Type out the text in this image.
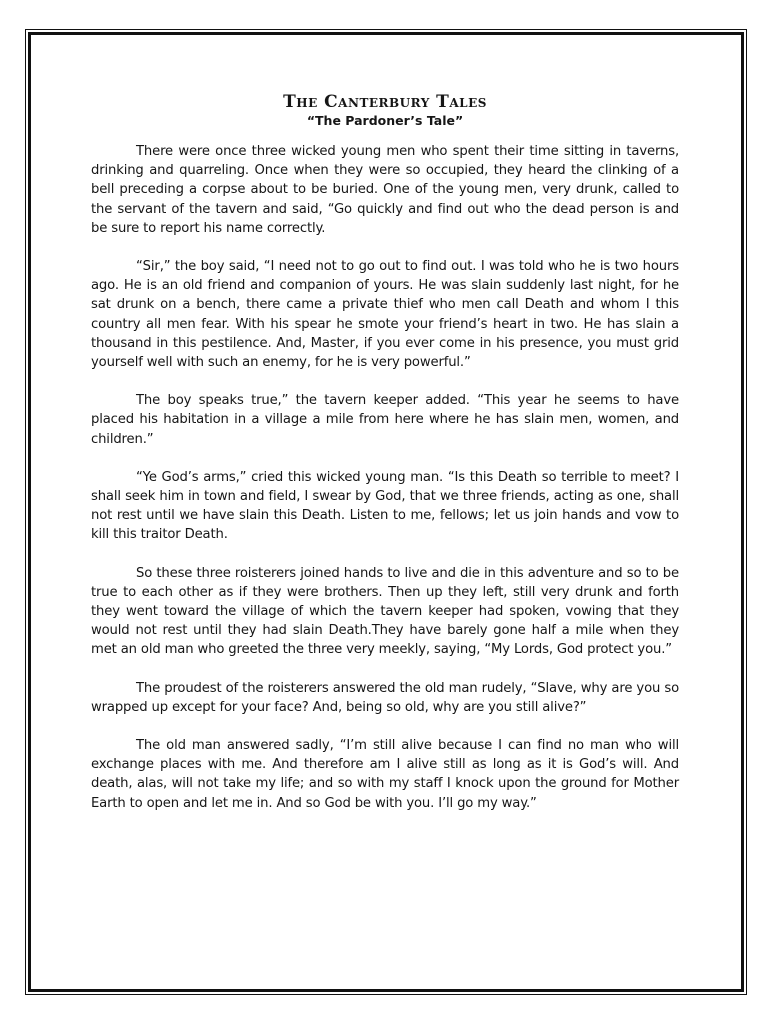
The Canterbury Tales
“The Pardoner’s Tale”

There were once three wicked young men who spent their time sitting in taverns, drinking and quarreling. Once when they were so occupied, they heard the clinking of a bell preceding a corpse about to be buried. One of the young men, very drunk, called to the servant of the tavern and said, “Go quickly and find out who the dead person is and be sure to report his name correctly.

“Sir,” the boy said, “I need not to go out to find out. I was told who he is two hours ago. He is an old friend and companion of yours. He was slain suddenly last night, for he sat drunk on a bench, there came a private thief who men call Death and whom I this country all men fear. With his spear he smote your friend’s heart in two. He has slain a thousand in this pestilence. And, Master, if you ever come in his presence, you must grid yourself well with such an enemy, for he is very powerful.”

The boy speaks true,” the tavern keeper added. “This year he seems to have placed his habitation in a village a mile from here where he has slain men, women, and children.”

“Ye God’s arms,” cried this wicked young man. “Is this Death so terrible to meet? I shall seek him in town and field, I swear by God, that we three friends, acting as one, shall not rest until we have slain this Death. Listen to me, fellows; let us join hands and vow to kill this traitor Death.

So these three roisterers joined hands to live and die in this adventure and so to be true to each other as if they were brothers. Then up they left, still very drunk and forth they went toward the village of which the tavern keeper had spoken, vowing that they would not rest until they had slain Death.They have barely gone half a mile when they met an old man who greeted the three very meekly, saying, “My Lords, God protect you.”

The proudest of the roisterers answered the old man rudely, “Slave, why are you so wrapped up except for your face? And, being so old, why are you still alive?”

The old man answered sadly, “I’m still alive because I can find no man who will exchange places with me. And therefore am I alive still as long as it is God’s will. And death, alas, will not take my life; and so with my staff I knock upon the ground for Mother Earth to open and let me in. And so God be with you. I’ll go my way.”
